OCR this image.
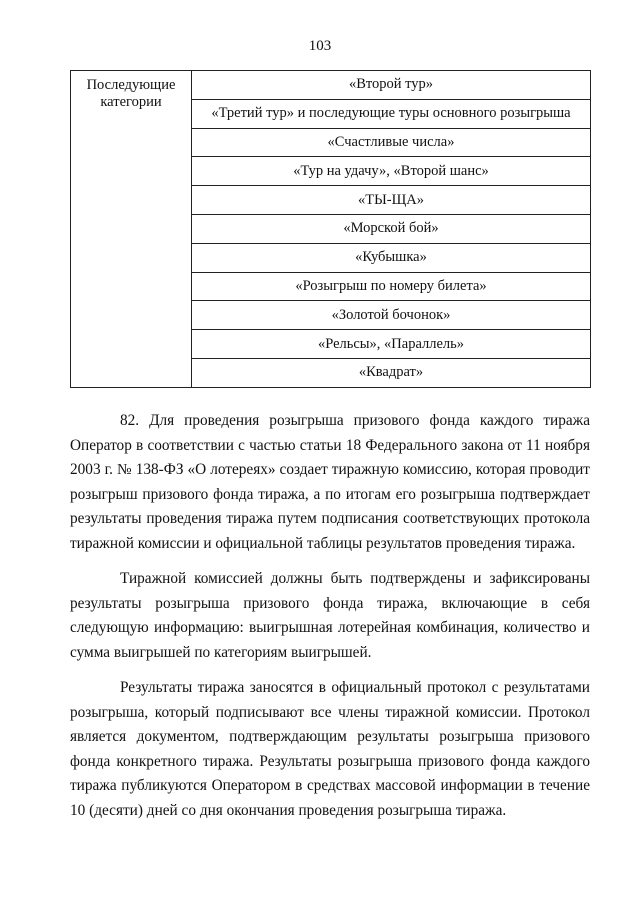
103
Последующие категории	«Второй тур»
«Третий тур» и последующие туры основного розыгрыша
«Счастливые числа»
«Тур на удачу», «Второй шанс»
«ТЫ-ЩА»
«Морской бой»
«Кубышка»
«Розыгрыш по номеру билета»
«Золотой бочонок»
«Рельсы», «Параллель»
«Квадрат»

82. Для проведения розыгрыша призового фонда каждого тиража Оператор в соответствии с частью статьи 18 Федерального закона от 11 ноября 2003 г. № 138-ФЗ «О лотереях» создает тиражную комиссию, которая проводит розыгрыш призового фонда тиража, а по итогам его розыгрыша подтверждает результаты проведения тиража путем подписания соответствующих протокола тиражной комиссии и официальной таблицы результатов проведения тиража.

Тиражной комиссией должны быть подтверждены и зафиксированы результаты розыгрыша призового фонда тиража, включающие в себя следующую информацию: выигрышная лотерейная комбинация, количество и сумма выигрышей по категориям выигрышей.

Результаты тиража заносятся в официальный протокол с результатами розыгрыша, который подписывают все члены тиражной комиссии. Протокол является документом, подтверждающим результаты розыгрыша призового фонда конкретного тиража. Результаты розыгрыша призового фонда каждого тиража публикуются Оператором в средствах массовой информации в течение 10 (десяти) дней со дня окончания проведения розыгрыша тиража.
